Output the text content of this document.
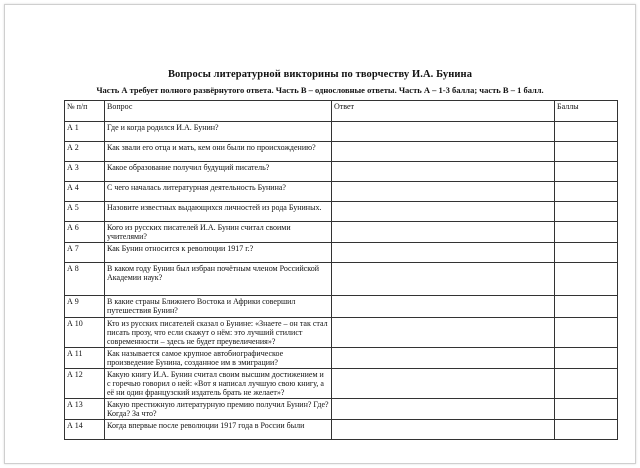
Вопросы литературной викторины по творчеству И.А. Бунина
Часть А требует полного развёрнутого ответа. Часть В – однословные ответы. Часть А – 1-3 балла; часть В – 1 балл.
№ п/п	Вопрос	Ответ	Баллы
А 1	Где и когда родился И.А. Бунин?		
А 2	Как звали его отца и мать, кем они были по происхождению?		
А 3	Какое образование получил будущий писатель?		
А 4	С чего началась литературная деятельность Бунина?		
А 5	Назовите известных выдающихся личностей из рода Буниных.		
А 6	Кого из русских писателей И.А. Бунин считал своими учителями?		
А 7	Как Бунин относится к революции 1917 г.?		
А 8	В каком году Бунин был избран почётным членом Российской Академии наук?		
А 9	В какие страны Ближнего Востока и Африки совершил путешествия Бунин?		
А 10	Кто из русских писателей сказал о Бунине: «Знаете – он так стал писать прозу, что если скажут о нём: это лучший стилист современности – здесь не будет преувеличения»?		
А 11	Как называется самое крупное автобиографическое произведение Бунина, созданное им в эмиграции?		
А 12	Какую книгу И.А. Бунин считал своим высшим достижением и с горечью говорил о ней: «Вот я написал лучшую свою книгу, а её ни один французский издатель брать не желает»?		
А 13	Какую престижную литературную премию получил Бунин? Где? Когда? За что?		
А 14	Когда впервые после революции 1917 года в России были		
